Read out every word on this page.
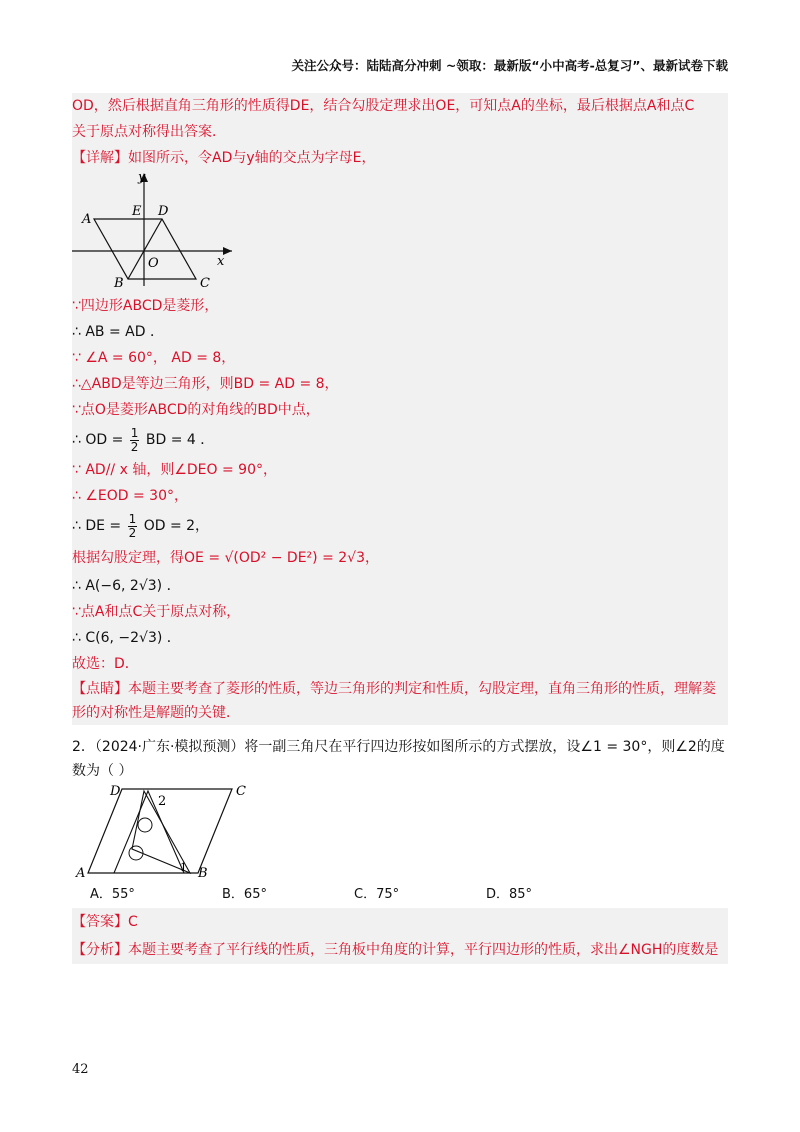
关注公众号：陆陆高分冲刺 ~领取：最新版“小中高考-总复习”、最新试卷下载
OD，然后根据直角三角形的性质得DE，结合勾股定理求出OE，可知点A的坐标，最后根据点A和点C
关于原点对称得出答案．
【详解】如图所示，令AD与y轴的交点为字母E，
y
x
A
E D
O
B	C
∵四边形ABCD是菱形，
∴ AB = AD ．
∵ ∠A = 60°， AD = 8，
∴△ABD是等边三角形，则BD = AD = 8，
∵点O是菱形ABCD的对角线的BD中点，
∴ OD = $\frac{1}{2}$ BD = 4 ．
∵ AD// x 轴，则∠DEO = 90°，
∴ ∠EOD = 30°，
∴ DE = $\frac{1}{2}$ OD = 2，
根据勾股定理，得OE = √(OD² − DE²) = 2√3，
∴ A(−6, 2√3) ．
∵点A和点C关于原点对称，
∴ C(6, −2√3) ．
故选：D．
【点睛】本题主要考查了菱形的性质，等边三角形的判定和性质，勾股定理，直角三角形的性质，理解菱形的对称性是解题的关键．
2．（2024·广东·模拟预测）将一副三角尺在平行四边形按如图所示的方式摆放，设∠1 = 30°，则∠2的度数为（ ）
D	C
A	B
1
2
A．55°	B．65°	C．75°	D．85°
【答案】C
【分析】本题主要考查了平行线的性质，三角板中角度的计算，平行四边形的性质，求出∠NGH的度数是
42
